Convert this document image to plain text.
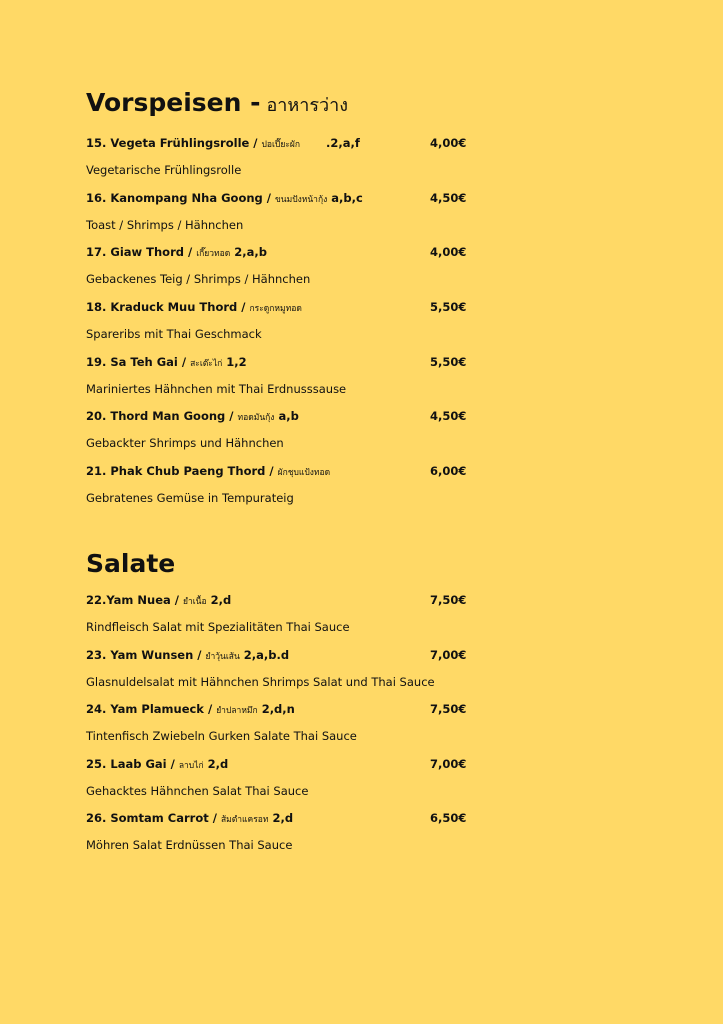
Vorspeisen - อาหารว่าง
15. Vegeta Frühlingsrolle / ปอเปี๊ยะผัก .2,a,f	4,00€
Vegetarische Frühlingsrolle
16. Kanompang Nha Goong / ขนมปังหน้ากุ้ง a,b,c	4,50€
Toast / Shrimps / Hähnchen
17. Giaw Thord / เกี๊ยวทอด 2,a,b	4,00€
Gebackenes Teig / Shrimps / Hähnchen
18. Kraduck Muu Thord / กระดูกหมูทอด	5,50€
Spareribs mit Thai Geschmack
19. Sa Teh Gai / สะเต๊ะไก่ 1,2	5,50€
Mariniertes Hähnchen mit Thai Erdnusssause
20. Thord Man Goong / ทอดมันกุ้ง a,b	4,50€
Gebackter Shrimps und Hähnchen
21. Phak Chub Paeng Thord / ผักชุบแป้งทอด	6,00€
Gebratenes Gemüse in Tempurateig
Salate
22.Yam Nuea / ยำเนื้อ 2,d	7,50€
Rindfleisch Salat mit Spezialitäten Thai Sauce
23. Yam Wunsen / ยำวุ้นเส้น 2,a,b.d	7,00€
Glasnuldelsalat mit Hähnchen Shrimps Salat und Thai Sauce
24. Yam Plamueck / ยำปลาหมึก 2,d,n	7,50€
Tintenfisch Zwiebeln Gurken Salate Thai Sauce
25. Laab Gai / ลาบไก่ 2,d	7,00€
Gehacktes Hähnchen Salat Thai Sauce
26. Somtam Carrot / ส้มตำแครอท 2,d	6,50€
Möhren Salat Erdnüssen Thai Sauce
